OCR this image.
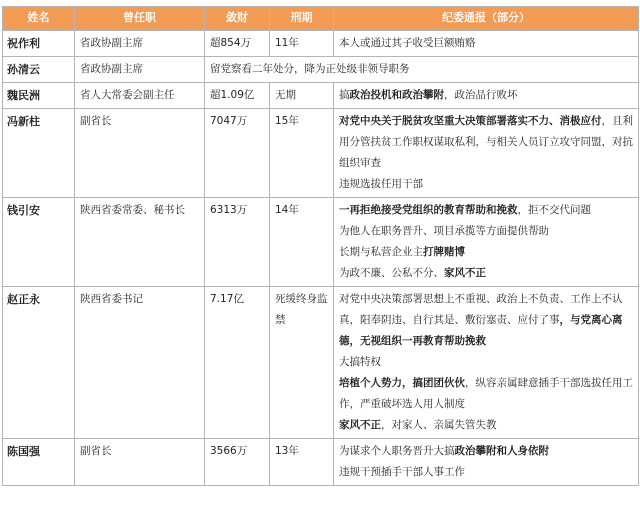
姓名	曾任职	敛财	刑期	纪委通报（部分）
祝作利	省政协副主席	超854万	11年	本人或通过其子收受巨额贿赂
孙清云	省政协副主席	留党察看二年处分，降为正处级非领导职务		
魏民洲	省人大常委会副主任	超1.09亿	无期	搞政治投机和政治攀附，政治品行败坏
冯新柱	副省长	7047万	15年	对党中央关于脱贫攻坚重大决策部署落实不力、消极应付，且利用分管扶贫工作职权谋取私利，与相关人员订立攻守同盟，对抗组织审查
违规选拔任用干部

钱引安	陕西省委常委、秘书长	6313万	14年	一再拒绝接受党组织的教育帮助和挽救，拒不交代问题
为他人在职务晋升、项目承揽等方面提供帮助
长期与私营企业主打牌赌博
为政不廉、公私不分、家风不正

赵正永	陕西省委书记	7.17亿	死缓终身监禁	对党中央决策部署思想上不重视、政治上不负责、工作上不认真，阳奉阴违、自行其是、敷衍塞责、应付了事，与党离心离德，无视组织一再教育帮助挽救
大搞特权
培植个人势力，搞团团伙伙，纵容亲属肆意插手干部选拔任用工作，严重破坏选人用人制度
家风不正，对家人、亲属失管失教

陈国强	副省长	3566万	13年	为谋求个人职务晋升大搞政治攀附和人身依附
违规干预插手干部人事工作
